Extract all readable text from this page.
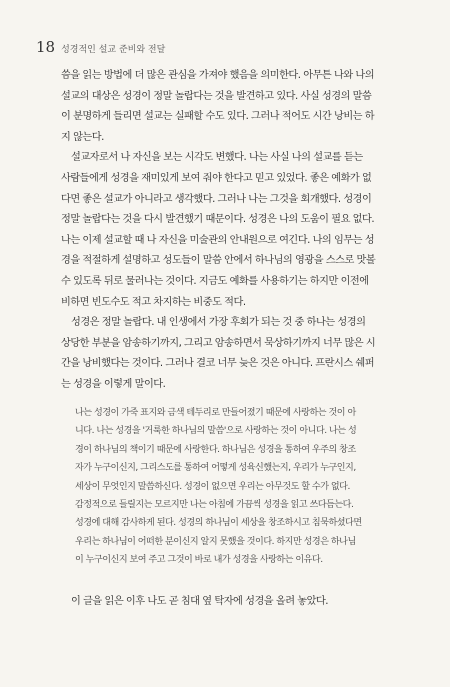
18 성경적인 설교 준비와 전달

씀을 읽는 방법에 더 많은 관심을 가져야 했음을 의미한다. 아무튼 나와 나의
설교의 대상은 성경이 정말 놀랍다는 것을 발견하고 있다. 사실 성경의 말씀
이 분명하게 들리면 설교는 실패할 수도 있다. 그러나 적어도 시간 낭비는 하
지 않는다.

설교자로서 나 자신을 보는 시각도 변했다. 나는 사실 나의 설교를 듣는
사람들에게 성경을 재미있게 보여 줘야 한다고 믿고 있었다. 좋은 예화가 없
다면 좋은 설교가 아니라고 생각했다. 그러나 나는 그것을 회개했다. 성경이
정말 놀랍다는 것을 다시 발견했기 때문이다. 성경은 나의 도움이 필요 없다.
나는 이제 설교할 때 나 자신을 미술관의 안내원으로 여긴다. 나의 임무는 성
경을 적절하게 설명하고 성도들이 말씀 안에서 하나님의 영광을 스스로 맛볼
수 있도록 뒤로 물러나는 것이다. 지금도 예화를 사용하기는 하지만 이전에
비하면 빈도수도 적고 차지하는 비중도 적다.

성경은 정말 놀랍다. 내 인생에서 가장 후회가 되는 것 중 하나는 성경의
상당한 부분을 암송하기까지, 그리고 암송하면서 묵상하기까지 너무 많은 시
간을 낭비했다는 것이다. 그러나 결코 너무 늦은 것은 아니다. 프란시스 쉐퍼
는 성경을 이렇게 말이다.

나는 성경이 가죽 표지와 금색 테두리로 만들어졌기 때문에 사랑하는 것이 아
니다. 나는 성경을 '거룩한 하나님의 말씀'으로 사랑하는 것이 아니다. 나는 성
경이 하나님의 책이기 때문에 사랑한다. 하나님은 성경을 통하여 우주의 창조
자가 누구이신지, 그리스도를 통하여 어떻게 성육신했는지, 우리가 누구인지,
세상이 무엇인지 말씀하신다. 성경이 없으면 우리는 아무것도 할 수가 없다.
감정적으로 들릴지는 모르지만 나는 아침에 가끔씩 성경을 읽고 쓰다듬는다.
성경에 대해 감사하게 된다. 성경의 하나님이 세상을 창조하시고 침묵하셨다면
우리는 하나님이 어떠한 분이신지 알지 못했을 것이다. 하지만 성경은 하나님
이 누구이신지 보여 주고 그것이 바로 내가 성경을 사랑하는 이유다.
이 글을 읽은 이후 나도 곧 침대 옆 탁자에 성경을 올려 놓았다.
